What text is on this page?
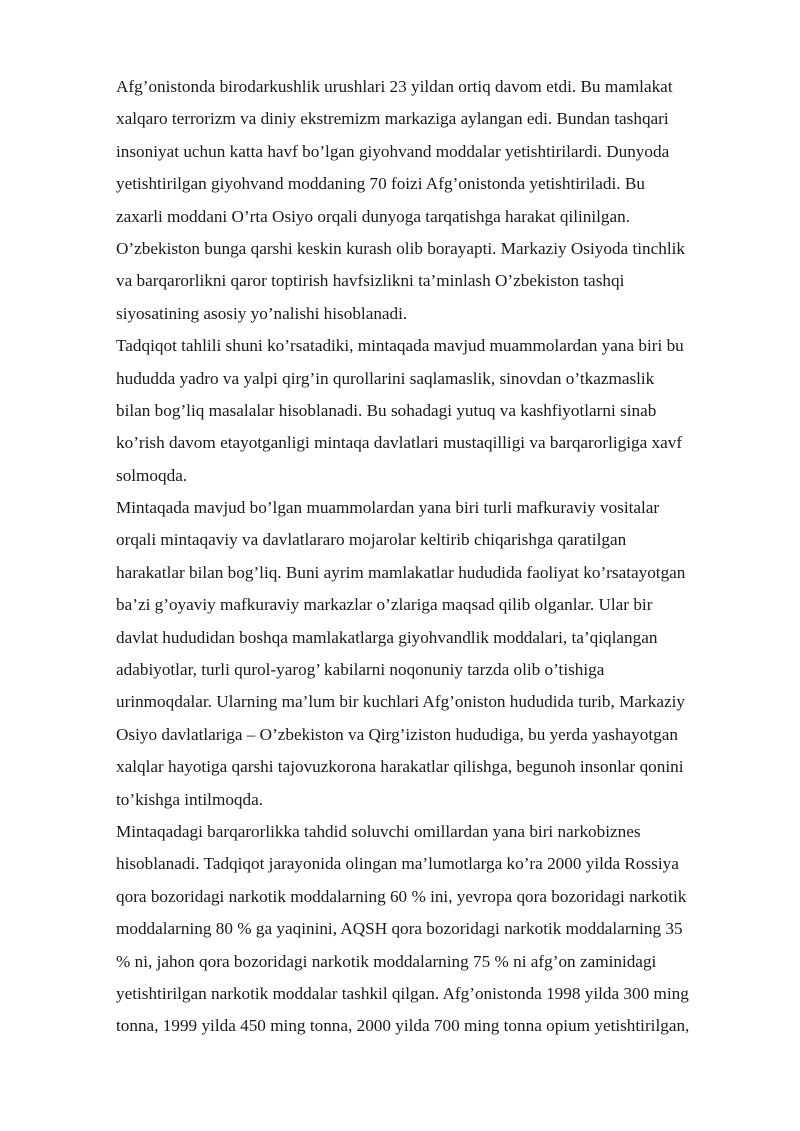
Afg’onistonda birodarkushlik urushlari 23 yildan ortiq davom etdi. Bu mamlakat
xalqaro terrorizm va diniy ekstremizm markaziga aylangan edi. Bundan tashqari
insoniyat uchun katta havf bo’lgan giyohvand moddalar yetishtirilardi. Dunyoda
yetishtirilgan giyohvand moddaning 70 foizi Afg’onistonda yetishtiriladi. Bu
zaxarli moddani O’rta Osiyo orqali dunyoga tarqatishga harakat qilinilgan.
O’zbekiston bunga qarshi keskin kurash olib borayapti. Markaziy Osiyoda tinchlik
va barqarorlikni qaror toptirish havfsizlikni ta’minlash O’zbekiston tashqi
siyosatining asosiy yo’nalishi hisoblanadi.
Tadqiqot tahlili shuni ko’rsatadiki, mintaqada mavjud muammolardan yana biri bu
hududda yadro va yalpi qirg’in qurollarini saqlamaslik, sinovdan o’tkazmaslik
bilan bog’liq masalalar hisoblanadi. Bu sohadagi yutuq va kashfiyotlarni sinab
ko’rish davom etayotganligi mintaqa davlatlari mustaqilligi va barqarorligiga xavf
solmoqda.
Mintaqada mavjud bo’lgan muammolardan yana biri turli mafkuraviy vositalar
orqali mintaqaviy va davlatlararo mojarolar keltirib chiqarishga qaratilgan
harakatlar bilan bog’liq. Buni ayrim mamlakatlar hududida faoliyat ko’rsatayotgan
ba’zi g’oyaviy mafkuraviy markazlar o’zlariga maqsad qilib olganlar. Ular bir
davlat hududidan boshqa mamlakatlarga giyohvandlik moddalari, ta’qiqlangan
adabiyotlar, turli qurol-yarog’ kabilarni noqonuniy tarzda olib o’tishiga
urinmoqdalar. Ularning ma’lum bir kuchlari Afg’oniston hududida turib, Markaziy
Osiyo davlatlariga – O’zbekiston va Qirg’iziston hududiga, bu yerda yashayotgan
xalqlar hayotiga qarshi tajovuzkorona harakatlar qilishga, begunoh insonlar qonini
to’kishga intilmoqda.
Mintaqadagi barqarorlikka tahdid soluvchi omillardan yana biri narkobiznes
hisoblanadi. Tadqiqot jarayonida olingan ma’lumotlarga ko’ra 2000 yilda Rossiya
qora bozoridagi narkotik moddalarning 60 % ini, yevropa qora bozoridagi narkotik
moddalarning 80 % ga yaqinini, AQSH qora bozoridagi narkotik moddalarning 35
% ni, jahon qora bozoridagi narkotik moddalarning 75 % ni afg’on zaminidagi
yetishtirilgan narkotik moddalar tashkil qilgan. Afg’onistonda 1998 yilda 300 ming
tonna, 1999 yilda 450 ming tonna, 2000 yilda 700 ming tonna opium yetishtirilgan,
